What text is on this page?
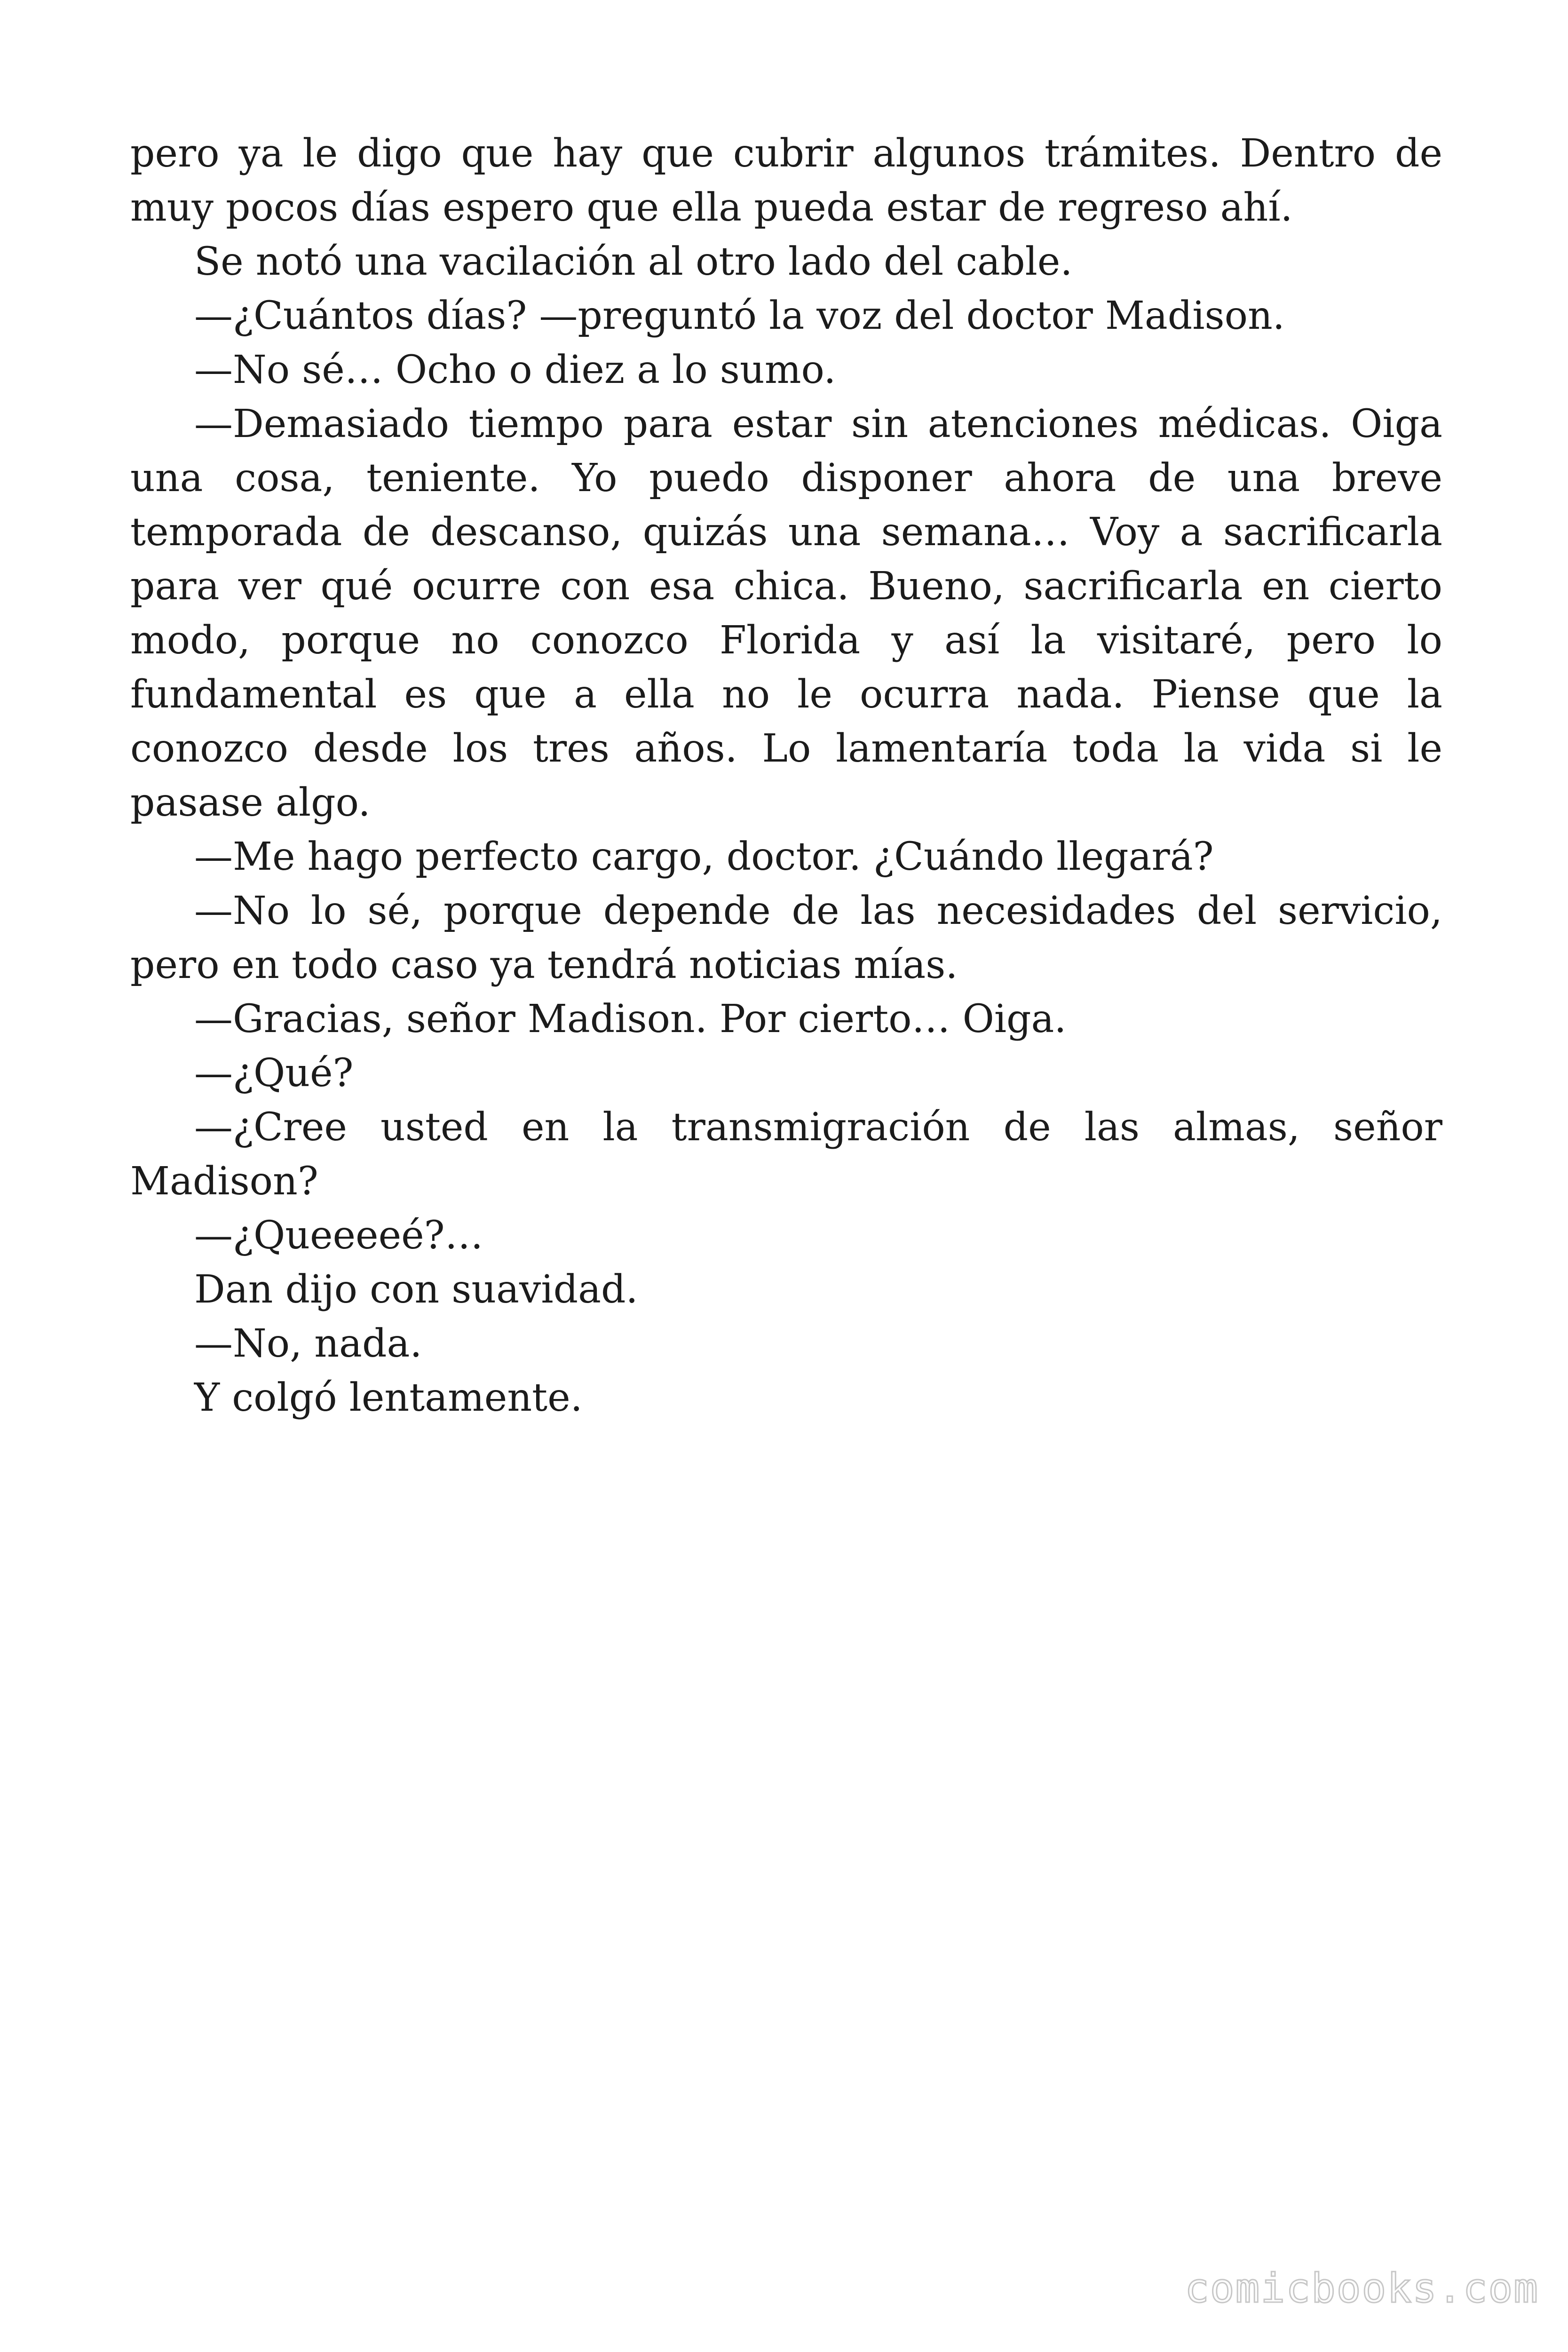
pero ya le digo que hay que cubrir algunos trámites. Dentro de muy pocos días espero que ella pueda estar de regreso ahí.

Se notó una vacilación al otro lado del cable.

—¿Cuántos días? —preguntó la voz del doctor Madison.

—No sé… Ocho o diez a lo sumo.

—Demasiado tiempo para estar sin atenciones médicas. Oiga una cosa, teniente. Yo puedo disponer ahora de una breve temporada de descanso, quizás una semana… Voy a sacrificarla para ver qué ocurre con esa chica. Bueno, sacrificarla en cierto modo, porque no conozco Florida y así la visitaré, pero lo fundamental es que a ella no le ocurra nada. Piense que la conozco desde los tres años. Lo lamentaría toda la vida si le pasase algo.

—Me hago perfecto cargo, doctor. ¿Cuándo llegará?

—No lo sé, porque depende de las necesidades del servicio, pero en todo caso ya tendrá noticias mías.

—Gracias, señor Madison. Por cierto… Oiga.

—¿Qué?

—¿Cree usted en la transmigración de las almas, señor Madison?

—¿Queeeeé?…

Dan dijo con suavidad.

—No, nada.

Y colgó lentamente.

comicbooks.com
